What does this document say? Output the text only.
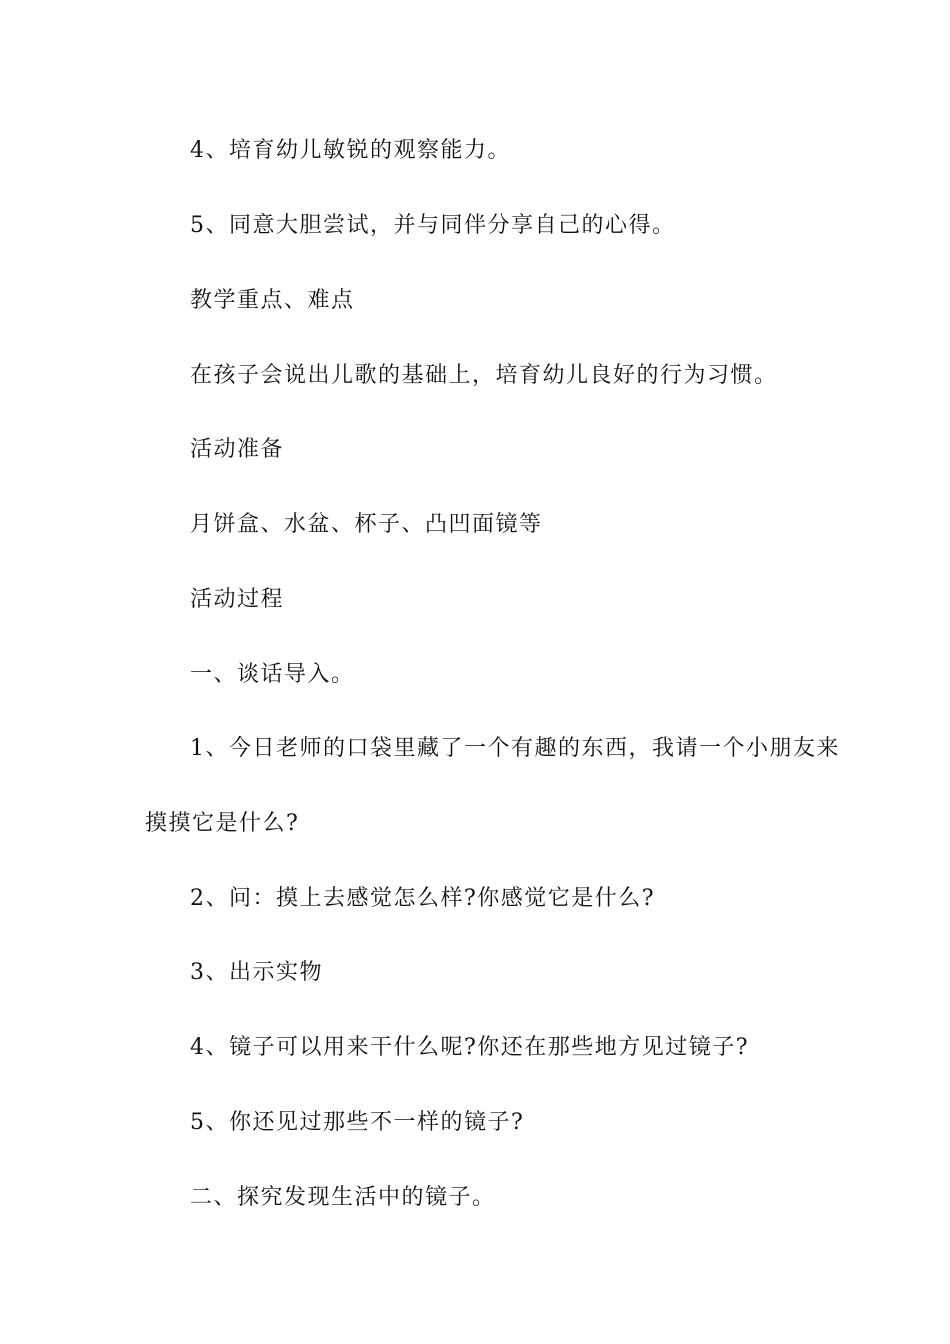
4、培育幼儿敏锐的观察能力。
5、同意大胆尝试，并与同伴分享自己的心得。
教学重点、难点
在孩子会说出儿歌的基础上，培育幼儿良好的行为习惯。
活动准备
月饼盒、水盆、杯子、凸凹面镜等
活动过程
一、谈话导入。
1、今日老师的口袋里藏了一个有趣的东西，我请一个小朋友来
摸摸它是什么?
2、问：摸上去感觉怎么样?你感觉它是什么?
3、出示实物
4、镜子可以用来干什么呢?你还在那些地方见过镜子?
5、你还见过那些不一样的镜子?
二、探究发现生活中的镜子。
